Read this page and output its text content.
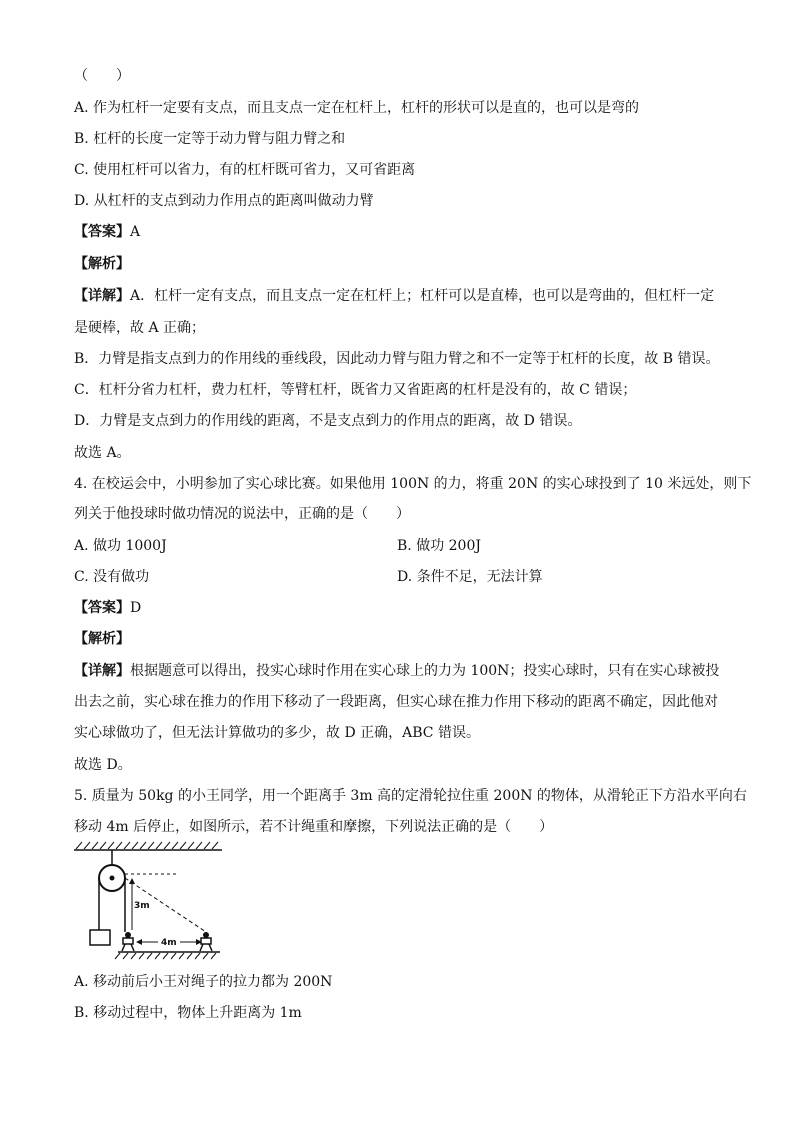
（　　）
A. 作为杠杆一定要有支点，而且支点一定在杠杆上，杠杆的形状可以是直的，也可以是弯的
B. 杠杆的长度一定等于动力臂与阻力臂之和
C. 使用杠杆可以省力，有的杠杆既可省力，又可省距离
D. 从杠杆的支点到动力作用点的距离叫做动力臂
【答案】A
【解析】
【详解】A．杠杆一定有支点，而且支点一定在杠杆上；杠杆可以是直棒，也可以是弯曲的，但杠杆一定
是硬棒，故 A 正确；
B．力臂是指支点到力的作用线的垂线段，因此动力臂与阻力臂之和不一定等于杠杆的长度，故 B 错误。
C．杠杆分省力杠杆，费力杠杆，等臂杠杆，既省力又省距离的杠杆是没有的，故 C 错误；
D．力臂是支点到力的作用线的距离，不是支点到力的作用点的距离，故 D 错误。
故选 A。
4. 在校运会中，小明参加了实心球比赛。如果他用 100N 的力，将重 20N 的实心球投到了 10 米远处，则下
列关于他投球时做功情况的说法中，正确的是（　　）
A. 做功 1000J	B. 做功 200J
C. 没有做功	D. 条件不足，无法计算
【答案】D
【解析】
【详解】根据题意可以得出，投实心球时作用在实心球上的力为 100N；投实心球时，只有在实心球被投
出去之前，实心球在推力的作用下移动了一段距离，但实心球在推力作用下移动的距离不确定，因此他对
实心球做功了，但无法计算做功的多少，故 D 正确，ABC 错误。
故选 D。
5. 质量为 50kg 的小王同学，用一个距离手 3m 高的定滑轮拉住重 200N 的物体，从滑轮正下方沿水平向右
移动 4m 后停止，如图所示，若不计绳重和摩擦，下列说法正确的是（　　）
3m
4m
A. 移动前后小王对绳子的拉力都为 200N
B. 移动过程中，物体上升距离为 1m
